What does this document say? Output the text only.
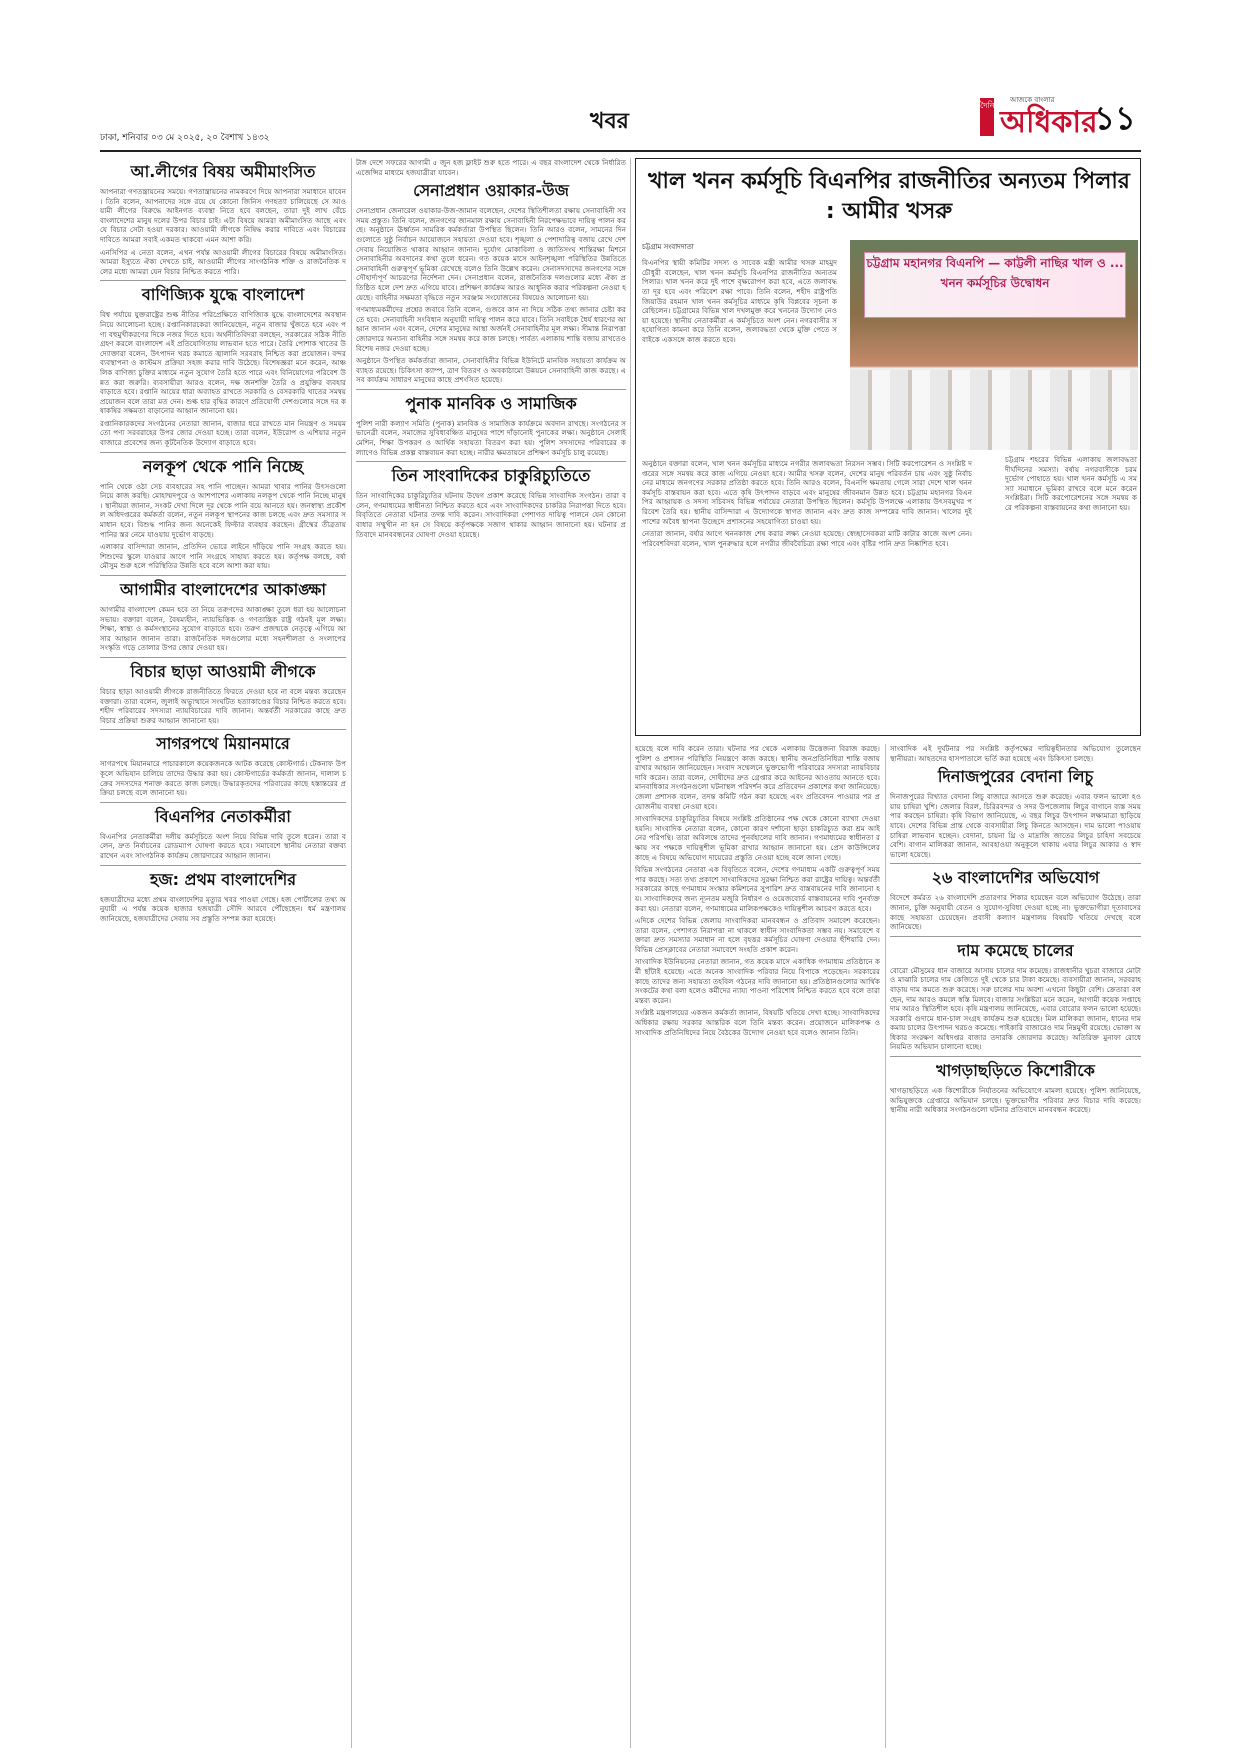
ঢাকা, শনিবার ০৩ মে ২০২৫, ২০ বৈশাখ ১৪৩২
খবর
দৈনিক
আজকে বাংলার
অধিকার
১১
আ.লীগের বিষয় অমীমাংসিত

আপনারা গণতন্ত্রায়নের সময়ে। গণতান্ত্রায়নের নামকরণে দিয়ে আপনারা সমাধানে যাবেন। তিনি বলেন, আপনাদের সঙ্গে রয়ে যে কোনো জিনিস গণহত্যা চালিয়েছে সে আওয়ামী লীগের বিরুদ্ধে আইনগত ব্যবস্থা নিতে হবে বলছেন, তারা দুই লাখ বেঁচে বাংলাদেশের মানুষ দলের উপর বিচার চাই। এটা বিষয়ে আমরা অমীমাংসিত আছে এবং যে বিচার সেটা হওয়া দরকার। আওয়ামী লীগকে নিষিদ্ধ করার দাবিতে এবং বিচারের দাবিতে আমরা সবাই একমত থাকবো এমন আশা করি।

এনসিপির এ নেতা বলেন, এখন পর্যন্ত আওয়ামী লীগের বিচারের বিষয়ে অমীমাংসিত। আমরা ইস্যুতে ঐক্য দেখতে চাই, আওয়ামী লীগের সাংগঠনিক শক্তি ও রাজনৈতিক দলের মধ্যে আমরা যেন বিচার নিশ্চিত করতে পারি।

বাণিজ্যিক যুদ্ধে বাংলাদেশ

বিশ্ব পর্যায়ে যুক্তরাষ্ট্রের শুল্ক নীতির পরিপ্রেক্ষিতে বাণিজ্যিক যুদ্ধে বাংলাদেশের অবস্থান নিয়ে আলোচনা হচ্ছে। রপ্তানিকারকেরা জানিয়েছেন, নতুন বাজার খুঁজতে হবে এবং পণ্য বহুমুখীকরণের দিকে নজর দিতে হবে। অর্থনীতিবিদরা বলছেন, সরকারের সঠিক নীতি গ্রহণ করলে বাংলাদেশ এই প্রতিযোগিতায় লাভবান হতে পারে। তৈরি পোশাক খাতের উদ্যোক্তারা বলেন, উৎপাদন খরচ কমাতে জ্বালানি সরবরাহ নিশ্চিত করা প্রয়োজন। বন্দর ব্যবস্থাপনা ও কাস্টমস প্রক্রিয়া সহজ করার দাবি উঠেছে। বিশেষজ্ঞরা মনে করেন, আঞ্চলিক বাণিজ্য চুক্তির মাধ্যমে নতুন সুযোগ তৈরি হতে পারে এবং বিনিয়োগের পরিবেশ উন্নত করা জরুরি। ব্যবসায়ীরা আরও বলেন, দক্ষ জনশক্তি তৈরি ও প্রযুক্তির ব্যবহার বাড়াতে হবে। রপ্তানি আয়ের ধারা অব্যাহত রাখতে সরকারি ও বেসরকারি খাতের সমন্বয় প্রয়োজন বলে তারা মত দেন। শুল্ক হার বৃদ্ধির কারণে প্রতিযোগী দেশগুলোর সঙ্গে দর কষাকষির সক্ষমতা বাড়ানোর আহ্বান জানানো হয়।

রপ্তানিকারকদের সংগঠনের নেতারা জানান, বাজার ধরে রাখতে মান নিয়ন্ত্রণ ও সময়মতো পণ্য সরবরাহের উপর জোর দেওয়া হচ্ছে। তারা বলেন, ইউরোপ ও এশিয়ার নতুন বাজারে প্রবেশের জন্য কূটনৈতিক উদ্যোগ বাড়াতে হবে।

নলকূপ থেকে পানি নিচ্ছে

পানি থেকে ওঠা সেচ ব্যবহারের সহ পানি পাচ্ছেন। আমরা খাবার পানির উৎসগুলো নিয়ে কাজ করছি। মোহাম্মদপুরে ও আশপাশের এলাকায় নলকূপ থেকে পানি নিচ্ছে মানুষ। স্থানীয়রা জানান, সংকট দেখা দিলে দূর থেকে পানি বয়ে আনতে হয়। জনস্বাস্থ্য প্রকৌশল অধিদপ্তরের কর্মকর্তা বলেন, নতুন নলকূপ স্থাপনের কাজ চলছে এবং দ্রুত সমস্যার সমাধান হবে। বিশুদ্ধ পানির জন্য অনেকেই ফিল্টার ব্যবহার করছেন। গ্রীষ্মের তীব্রতায় পানির স্তর নেমে যাওয়ায় দুর্ভোগ বাড়ছে।

এলাকার বাসিন্দারা জানান, প্রতিদিন ভোরে লাইনে দাঁড়িয়ে পানি সংগ্রহ করতে হয়। শিশুদের স্কুলে যাওয়ার আগে পানি সংগ্রহে সাহায্য করতে হয়। কর্তৃপক্ষ বলছে, বর্ষা মৌসুম শুরু হলে পরিস্থিতির উন্নতি হবে বলে আশা করা যায়।

আগামীর বাংলাদেশের আকাঙ্ক্ষা

আগামীর বাংলাদেশ কেমন হবে তা নিয়ে তরুণদের আকাঙ্ক্ষা তুলে ধরা হয় আলোচনা সভায়। বক্তারা বলেন, বৈষম্যহীন, ন্যায়ভিত্তিক ও গণতান্ত্রিক রাষ্ট্র গঠনই মূল লক্ষ্য। শিক্ষা, স্বাস্থ্য ও কর্মসংস্থানের সুযোগ বাড়াতে হবে। তরুণ প্রজন্মকে নেতৃত্বে এগিয়ে আসার আহ্বান জানান তারা। রাজনৈতিক দলগুলোর মধ্যে সহনশীলতা ও সংলাপের সংস্কৃতি গড়ে তোলার উপর জোর দেওয়া হয়।

বিচার ছাড়া আওয়ামী লীগকে

বিচার ছাড়া আওয়ামী লীগকে রাজনীতিতে ফিরতে দেওয়া হবে না বলে মন্তব্য করেছেন বক্তারা। তারা বলেন, জুলাই অভ্যুত্থানে সংঘটিত হত্যাকাণ্ডের বিচার নিশ্চিত করতে হবে। শহীদ পরিবারের সদস্যরা ন্যায়বিচারের দাবি জানান। অন্তর্বর্তী সরকারের কাছে দ্রুত বিচার প্রক্রিয়া শুরুর আহ্বান জানানো হয়।

সাগরপথে মিয়ানমারে

সাগরপথে মিয়ানমারে পাচারকালে কয়েকজনকে আটক করেছে কোস্টগার্ড। টেকনাফ উপকূলে অভিযান চালিয়ে তাদের উদ্ধার করা হয়। কোস্টগার্ডের কর্মকর্তা জানান, দালাল চক্রের সদস্যদের শনাক্ত করতে কাজ চলছে। উদ্ধারকৃতদের পরিবারের কাছে হস্তান্তরের প্রক্রিয়া চলছে বলে জানানো হয়।

বিএনপির নেতাকর্মীরা

বিএনপির নেতাকর্মীরা দলীয় কর্মসূচিতে অংশ নিয়ে বিভিন্ন দাবি তুলে ধরেন। তারা বলেন, দ্রুত নির্বাচনের রোডম্যাপ ঘোষণা করতে হবে। সমাবেশে স্থানীয় নেতারা বক্তব্য রাখেন এবং সাংগঠনিক কার্যক্রম জোরদারের আহ্বান জানান।

হজ: প্রথম বাংলাদেশির

হজযাত্রীদের মধ্যে প্রথম বাংলাদেশির মৃত্যুর খবর পাওয়া গেছে। হজ পোর্টালের তথ্য অনুযায়ী এ পর্যন্ত কয়েক হাজার হজযাত্রী সৌদি আরবে পৌঁছেছেন। ধর্ম মন্ত্রণালয় জানিয়েছে, হজযাত্রীদের সেবায় সব প্রস্তুতি সম্পন্ন করা হয়েছে।

টাঙ্গ দেশে সফরের আগামী ৫ জুন হজ ফ্লাইট শুরু হতে পারে। এ বছর বাংলাদেশ থেকে নির্ধারিত এজেন্সির মাধ্যমে হজযাত্রীরা যাবেন।

সেনাপ্রধান ওয়াকার-উজ

সেনাপ্রধান জেনারেল ওয়াকার-উজ-জামান বলেছেন, দেশের স্থিতিশীলতা রক্ষায় সেনাবাহিনী সব সময় প্রস্তুত। তিনি বলেন, জনগণের জানমাল রক্ষায় সেনাবাহিনী নিরপেক্ষভাবে দায়িত্ব পালন করছে। অনুষ্ঠানে ঊর্ধ্বতন সামরিক কর্মকর্তারা উপস্থিত ছিলেন। তিনি আরও বলেন, সামনের দিনগুলোতে সুষ্ঠু নির্বাচন আয়োজনে সহায়তা দেওয়া হবে। শৃঙ্খলা ও পেশাদারিত্ব বজায় রেখে দেশসেবায় নিয়োজিত থাকার আহ্বান জানান। দুর্যোগ মোকাবিলা ও জাতিসংঘ শান্তিরক্ষা মিশনে সেনাবাহিনীর অবদানের কথা তুলে ধরেন। গত কয়েক মাসে আইনশৃঙ্খলা পরিস্থিতির উন্নতিতে সেনাবাহিনী গুরুত্বপূর্ণ ভূমিকা রেখেছে বলেও তিনি উল্লেখ করেন। সেনাসদস্যদের জনগণের সঙ্গে সৌহার্দ্যপূর্ণ আচরণের নির্দেশনা দেন। সেনাপ্রধান বলেন, রাজনৈতিক দলগুলোর মধ্যে ঐক্য প্রতিষ্ঠিত হলে দেশ দ্রুত এগিয়ে যাবে। প্রশিক্ষণ কার্যক্রম আরও আধুনিক করার পরিকল্পনা নেওয়া হয়েছে। বাহিনীর সক্ষমতা বৃদ্ধিতে নতুন সরঞ্জাম সংযোজনের বিষয়েও আলোচনা হয়।

গণমাধ্যমকর্মীদের প্রশ্নের জবাবে তিনি বলেন, গুজবে কান না দিয়ে সঠিক তথ্য জানার চেষ্টা করতে হবে। সেনাবাহিনী সংবিধান অনুযায়ী দায়িত্ব পালন করে যাবে। তিনি সবাইকে ধৈর্য ধারণের আহ্বান জানান এবং বলেন, দেশের মানুষের আস্থা অর্জনই সেনাবাহিনীর মূল লক্ষ্য। সীমান্ত নিরাপত্তা জোরদারে অন্যান্য বাহিনীর সঙ্গে সমন্বয় করে কাজ চলছে। পার্বত্য এলাকায় শান্তি বজায় রাখতেও বিশেষ নজর দেওয়া হচ্ছে।

অনুষ্ঠানে উপস্থিত কর্মকর্তারা জানান, সেনাবাহিনীর বিভিন্ন ইউনিটে মানবিক সহায়তা কার্যক্রম অব্যাহত রয়েছে। চিকিৎসা ক্যাম্প, ত্রাণ বিতরণ ও অবকাঠামো উন্নয়নে সেনাবাহিনী কাজ করছে। এসব কার্যক্রম সাধারণ মানুষের কাছে প্রশংসিত হয়েছে।

পুনাক মানবিক ও সামাজিক

পুলিশ নারী কল্যাণ সমিতি (পুনাক) মানবিক ও সামাজিক কার্যক্রমে অবদান রাখছে। সংগঠনের সভানেত্রী বলেন, সমাজের সুবিধাবঞ্চিত মানুষের পাশে দাঁড়ানোই পুনাকের লক্ষ্য। অনুষ্ঠানে সেলাই মেশিন, শিক্ষা উপকরণ ও আর্থিক সহায়তা বিতরণ করা হয়। পুলিশ সদস্যদের পরিবারের কল্যাণেও বিভিন্ন প্রকল্প বাস্তবায়ন করা হচ্ছে। নারীর ক্ষমতায়নে প্রশিক্ষণ কর্মসূচি চালু রয়েছে।

তিন সাংবাদিকের চাকুরিচ্যুতিতে

তিন সাংবাদিকের চাকুরিচ্যুতির ঘটনায় উদ্বেগ প্রকাশ করেছে বিভিন্ন সাংবাদিক সংগঠন। তারা বলেন, গণমাধ্যমের স্বাধীনতা নিশ্চিত করতে হবে এবং সাংবাদিকদের চাকরির নিরাপত্তা দিতে হবে। বিবৃতিতে নেতারা ঘটনার তদন্ত দাবি করেন। সাংবাদিকরা পেশাগত দায়িত্ব পালনে যেন কোনো বাধার সম্মুখীন না হন সে বিষয়ে কর্তৃপক্ষকে সজাগ থাকার আহ্বান জানানো হয়। ঘটনার প্রতিবাদে মানববন্ধনের ঘোষণা দেওয়া হয়েছে।

খাল খনন কর্মসূচি বিএনপির রাজনীতির অন্যতম পিলার : আমীর খসরু
চট্টগ্রাম সংবাদদাতা

বিএনপির স্থায়ী কমিটির সদস্য ও সাবেক মন্ত্রী আমীর খসরু মাহমুদ চৌধুরী বলেছেন, খাল খনন কর্মসূচি বিএনপির রাজনীতির অন্যতম পিলার। খাল খনন করে দুই পাশে বৃক্ষরোপণ করা হবে, এতে জলাবদ্ধতা দূর হবে এবং পরিবেশ রক্ষা পাবে। তিনি বলেন, শহীদ রাষ্ট্রপতি জিয়াউর রহমান খাল খনন কর্মসূচির মাধ্যমে কৃষি বিপ্লবের সূচনা করেছিলেন। চট্টগ্রামের বিভিন্ন খাল দখলমুক্ত করে খননের উদ্যোগ নেওয়া হয়েছে। স্থানীয় নেতাকর্মীরা এ কর্মসূচিতে অংশ নেন। নগরবাসীর সহযোগিতা কামনা করে তিনি বলেন, জলাবদ্ধতা থেকে মুক্তি পেতে সবাইকে একসঙ্গে কাজ করতে হবে।

অনুষ্ঠানে বক্তারা বলেন, খাল খনন কর্মসূচির মাধ্যমে নগরীর জলাবদ্ধতা নিরসন সম্ভব। সিটি করপোরেশন ও সংশ্লিষ্ট দপ্তরের সঙ্গে সমন্বয় করে কাজ এগিয়ে নেওয়া হবে। আমীর খসরু বলেন, দেশের মানুষ পরিবর্তন চায় এবং সুষ্ঠু নির্বাচনের মাধ্যমে জনগণের সরকার প্রতিষ্ঠা করতে হবে। তিনি আরও বলেন, বিএনপি ক্ষমতায় গেলে সারা দেশে খাল খনন কর্মসূচি বাস্তবায়ন করা হবে। এতে কৃষি উৎপাদন বাড়বে এবং মানুষের জীবনমান উন্নত হবে। চট্টগ্রাম মহানগর বিএনপির আহ্বায়ক ও সদস্য সচিবসহ বিভিন্ন পর্যায়ের নেতারা উপস্থিত ছিলেন। কর্মসূচি উপলক্ষে এলাকায় উৎসবমুখর পরিবেশ তৈরি হয়। স্থানীয় বাসিন্দারা এ উদ্যোগকে স্বাগত জানান এবং দ্রুত কাজ সম্পন্নের দাবি জানান। খালের দুই পাশের অবৈধ স্থাপনা উচ্ছেদে প্রশাসনের সহযোগিতা চাওয়া হয়।

নেতারা জানান, বর্ষার আগে খননকাজ শেষ করার লক্ষ্য নেওয়া হয়েছে। স্বেচ্ছাসেবকরা মাটি কাটার কাজে অংশ নেন। পরিবেশবিদরা বলেন, খাল পুনরুদ্ধার হলে নগরীর জীববৈচিত্র্য রক্ষা পাবে এবং বৃষ্টির পানি দ্রুত নিষ্কাশিত হবে।

চট্টগ্রাম মহানগর বিএনপি — কাট্টলী নাছির খাল ও ... খনন কর্মসূচির উদ্বোধন

চট্টগ্রাম শহরের বিভিন্ন এলাকায় জলাবদ্ধতা দীর্ঘদিনের সমস্যা। বর্ষায় নগরবাসীকে চরম দুর্ভোগ পোহাতে হয়। খাল খনন কর্মসূচি এ সমস্যা সমাধানে ভূমিকা রাখবে বলে মনে করেন সংশ্লিষ্টরা। সিটি করপোরেশনের সঙ্গে সমন্বয় করে পরিকল্পনা বাস্তবায়নের কথা জানানো হয়।

হয়েছে বলে দাবি করেন তারা। ঘটনার পর থেকে এলাকায় উত্তেজনা বিরাজ করছে। পুলিশ ও প্রশাসন পরিস্থিতি নিয়ন্ত্রণে কাজ করছে। স্থানীয় জনপ্রতিনিধিরা শান্তি বজায় রাখার আহ্বান জানিয়েছেন। সংবাদ সম্মেলনে ভুক্তভোগী পরিবারের সদস্যরা ন্যায়বিচার দাবি করেন। তারা বলেন, দোষীদের দ্রুত গ্রেপ্তার করে আইনের আওতায় আনতে হবে। মানবাধিকার সংগঠনগুলো ঘটনাস্থল পরিদর্শন করে প্রতিবেদন প্রকাশের কথা জানিয়েছে। জেলা প্রশাসক বলেন, তদন্ত কমিটি গঠন করা হয়েছে এবং প্রতিবেদন পাওয়ার পর প্রয়োজনীয় ব্যবস্থা নেওয়া হবে।

সাংবাদিকদের চাকুরিচ্যুতির বিষয়ে সংশ্লিষ্ট প্রতিষ্ঠানের পক্ষ থেকে কোনো ব্যাখ্যা দেওয়া হয়নি। সাংবাদিক নেতারা বলেন, কোনো কারণ দর্শানো ছাড়া চাকরিচ্যুত করা শ্রম আইনের পরিপন্থি। তারা অবিলম্বে তাদের পুনর্বহালের দাবি জানান। গণমাধ্যমের স্বাধীনতা রক্ষায় সব পক্ষকে দায়িত্বশীল ভূমিকা রাখার আহ্বান জানানো হয়। প্রেস কাউন্সিলের কাছে এ বিষয়ে অভিযোগ দায়েরের প্রস্তুতি নেওয়া হচ্ছে বলে জানা গেছে।

বিভিন্ন সংগঠনের নেতারা এক বিবৃতিতে বলেন, দেশের গণমাধ্যম একটি গুরুত্বপূর্ণ সময় পার করছে। সত্য তথ্য প্রকাশে সাংবাদিকদের সুরক্ষা নিশ্চিত করা রাষ্ট্রের দায়িত্ব। অন্তর্বর্তী সরকারের কাছে গণমাধ্যম সংস্কার কমিশনের সুপারিশ দ্রুত বাস্তবায়নের দাবি জানানো হয়। সাংবাদিকদের জন্য ন্যূনতম মজুরি নির্ধারণ ও ওয়েজবোর্ড বাস্তবায়নের দাবি পুনর্ব্যক্ত করা হয়। নেতারা বলেন, গণমাধ্যমের মালিকপক্ষকেও দায়িত্বশীল আচরণ করতে হবে।

এদিকে দেশের বিভিন্ন জেলায় সাংবাদিকরা মানববন্ধন ও প্রতিবাদ সমাবেশ করেছেন। তারা বলেন, পেশাগত নিরাপত্তা না থাকলে স্বাধীন সাংবাদিকতা সম্ভব নয়। সমাবেশে বক্তারা দ্রুত সমস্যার সমাধান না হলে বৃহত্তর কর্মসূচির ঘোষণা দেওয়ার হুঁশিয়ারি দেন। বিভিন্ন প্রেসক্লাবের নেতারা সমাবেশে সংহতি প্রকাশ করেন।

সাংবাদিক ইউনিয়নের নেতারা জানান, গত কয়েক মাসে একাধিক গণমাধ্যম প্রতিষ্ঠানে কর্মী ছাঁটাই হয়েছে। এতে অনেক সাংবাদিক পরিবার নিয়ে বিপাকে পড়েছেন। সরকারের কাছে তাদের জন্য সহায়তা তহবিল গঠনের দাবি জানানো হয়। প্রতিষ্ঠানগুলোর আর্থিক সংকটের কথা বলা হলেও কর্মীদের ন্যায্য পাওনা পরিশোধ নিশ্চিত করতে হবে বলে তারা মন্তব্য করেন।

সংশ্লিষ্ট মন্ত্রণালয়ের একজন কর্মকর্তা জানান, বিষয়টি খতিয়ে দেখা হচ্ছে। সাংবাদিকদের অধিকার রক্ষায় সরকার আন্তরিক বলে তিনি মন্তব্য করেন। প্রয়োজনে মালিকপক্ষ ও সাংবাদিক প্রতিনিধিদের নিয়ে বৈঠকের উদ্যোগ নেওয়া হবে বলেও জানান তিনি।

সাংবাদিক এই দুর্ঘটনার পর সংশ্লিষ্ট কর্তৃপক্ষের দায়িত্বহীনতার অভিযোগ তুলেছেন স্থানীয়রা। আহতদের হাসপাতালে ভর্তি করা হয়েছে এবং চিকিৎসা চলছে।

দিনাজপুরের বেদানা লিচু

দিনাজপুরের বিখ্যাত বেদানা লিচু বাজারে আসতে শুরু করেছে। এবার ফলন ভালো হওয়ায় চাষিরা খুশি। জেলার বিরল, চিরিরবন্দর ও সদর উপজেলায় লিচুর বাগানে ব্যস্ত সময় পার করছেন চাষিরা। কৃষি বিভাগ জানিয়েছে, এ বছর লিচুর উৎপাদন লক্ষ্যমাত্রা ছাড়িয়ে যাবে। দেশের বিভিন্ন প্রান্ত থেকে ব্যবসায়ীরা লিচু কিনতে আসছেন। দাম ভালো পাওয়ায় চাষিরা লাভবান হচ্ছেন। বেদানা, চায়না থ্রি ও মাদ্রাজি জাতের লিচুর চাহিদা সবচেয়ে বেশি। বাগান মালিকরা জানান, আবহাওয়া অনুকূলে থাকায় এবার লিচুর আকার ও স্বাদ ভালো হয়েছে।

২৬ বাংলাদেশির অভিযোগ

বিদেশে কর্মরত ২৬ বাংলাদেশি প্রতারণার শিকার হয়েছেন বলে অভিযোগ উঠেছে। তারা জানান, চুক্তি অনুযায়ী বেতন ও সুযোগ-সুবিধা দেওয়া হচ্ছে না। ভুক্তভোগীরা দূতাবাসের কাছে সহায়তা চেয়েছেন। প্রবাসী কল্যাণ মন্ত্রণালয় বিষয়টি খতিয়ে দেখছে বলে জানিয়েছে।

দাম কমেছে চালের

বোরো মৌসুমের ধান বাজারে আসায় চালের দাম কমেছে। রাজধানীর খুচরা বাজারে মোটা ও মাঝারি চালের দাম কেজিতে দুই থেকে চার টাকা কমেছে। ব্যবসায়ীরা জানান, সরবরাহ বাড়ায় দাম কমতে শুরু করেছে। সরু চালের দাম অবশ্য এখনো কিছুটা বেশি। ক্রেতারা বলছেন, দাম আরও কমলে স্বস্তি মিলবে। বাজার সংশ্লিষ্টরা মনে করেন, আগামী কয়েক সপ্তাহে দাম আরও স্থিতিশীল হবে। কৃষি মন্ত্রণালয় জানিয়েছে, এবার বোরোর ফলন ভালো হয়েছে। সরকারি গুদামে ধান-চাল সংগ্রহ কার্যক্রম শুরু হয়েছে। মিল মালিকরা জানান, ধানের দাম কমায় চালের উৎপাদন খরচও কমেছে। পাইকারি বাজারেও দাম নিম্নমুখী রয়েছে। ভোক্তা অধিকার সংরক্ষণ অধিদপ্তর বাজার তদারকি জোরদার করেছে। অতিরিক্ত মুনাফা রোধে নিয়মিত অভিযান চালানো হচ্ছে।

খাগড়াছড়িতে কিশোরীকে

খাগড়াছড়িতে এক কিশোরীকে নির্যাতনের অভিযোগে মামলা হয়েছে। পুলিশ জানিয়েছে, অভিযুক্তকে গ্রেপ্তারে অভিযান চলছে। ভুক্তভোগীর পরিবার দ্রুত বিচার দাবি করেছে। স্থানীয় নারী অধিকার সংগঠনগুলো ঘটনার প্রতিবাদে মানববন্ধন করেছে।
